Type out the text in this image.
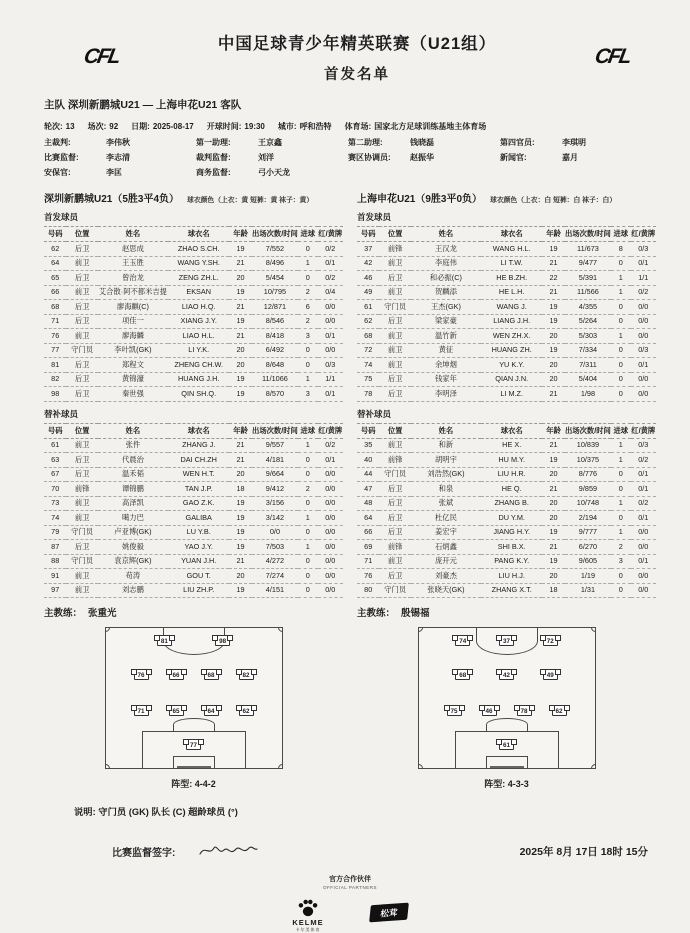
CFL
中国足球青少年精英联赛（U21组）
首发名单
CFL
主队 深圳新鹏城U21 — 上海申花U21 客队
轮次: 13 场次: 92 日期: 2025-08-17 开球时间: 19:30 城市: 呼和浩特 体育场: 国家北方足球训练基地主体育场
主裁判:	李伟秋	第一助理:	王京鑫	第二助理:	钱晓磊	第四官员:	李琪明
比赛监督:	李志清	裁判监督:	刘洋	赛区协调员:	赵振华	新闻官:	嘉月
安保官:	李匡	商务监督:	弓小天龙
深圳新鹏城U21（5胜3平4负） 球衣颜色（上衣：黄 短裤：黄 袜子：黄）
首发球员
号码	位置	姓名	球衣名	年龄	出场次数/时间	进球	红/黄牌
62	后卫	赵思成	ZHAO S.CH.	19	7/552	0	0/2
64	前卫	王玉胜	WANG Y.SH.	21	8/496	1	0/1
65	后卫	曾治龙	ZENG ZH.L.	20	5/454	0	0/2
66	前卫	艾合散·阿不都米吉提	EKSAN	19	10/795	2	0/4
68	后卫	廖海麒(C)	LIAO H.Q.	21	12/871	6	0/0
71	后卫	项佳一	XIANG J.Y.	19	8/546	2	0/0
76	前卫	廖海麟	LIAO H.L.	21	8/418	3	0/1
77	守门员	李叶凯(GK)	LI Y.K.	20	6/492	0	0/0
81	后卫	郑程文	ZHENG CH.W.	20	8/648	0	0/3
82	后卫	黄锦濠	HUANG J.H.	19	11/1066	1	1/1
98	后卫	秦世强	QIN SH.Q.	19	8/570	3	0/1
替补球员
号码	位置	姓名	球衣名	年龄	出场次数/时间	进球	红/黄牌
61	前卫	张件	ZHANG J.	21	9/557	1	0/2
63	后卫	代晨治	DAI CH.ZH	21	4/181	0	0/1
67	后卫	温禾韬	WEN H.T.	20	9/664	0	0/0
70	前锋	谭锦鹏	TAN J.P.	18	9/412	2	0/0
73	前卫	高泽凯	GAO Z.K.	19	3/156	0	0/0
74	前卫	噶力巴	GALIBA	19	3/142	1	0/0
79	守门员	卢亚博(GK)	LU Y.B.	19	0/0	0	0/0
87	后卫	姚俊毅	YAO J.Y.	19	7/503	1	0/0
88	守门员	袁京辉(GK)	YUAN J.H.	21	4/272	0	0/0
91	前卫	苟涛	GOU T.	20	7/274	0	0/0
97	前卫	刘志鹏	LIU ZH.P.	19	4/151	0	0/0
主教练： 张重光
81	98
76	66	68	82
71	65	64	62
77
阵型: 4-4-2
上海申花U21（9胜3平0负） 球衣颜色（上衣：白 短裤：白 袜子：白）
首发球员
号码	位置	姓名	球衣名	年龄	出场次数/时间	进球	红/黄牌
37	前锋	王汉龙	WANG H.L.	19	11/673	8	0/3
42	前卫	李庭伟	LI T.W.	21	9/477	0	0/1
46	后卫	和必振(C)	HE B.ZH.	22	5/391	1	1/1
49	前卫	贺麟添	HE L.H.	21	11/566	1	0/2
61	守门员	王杰(GK)	WANG J.	19	4/355	0	0/0
62	后卫	梁家豪	LIANG J.H.	19	5/264	0	0/0
68	前卫	温竹新	WEN ZH.X.	20	5/303	1	0/0
72	前卫	黄征	HUANG ZH.	19	7/334	0	0/3
74	前卫	余坤烟	YU K.Y.	20	7/311	0	0/1
75	后卫	钱家年	QIAN J.N.	20	5/404	0	0/0
78	后卫	李明泽	LI M.Z.	21	1/98	0	0/0
替补球员
号码	位置	姓名	球衣名	年龄	出场次数/时间	进球	红/黄牌
35	前卫	和新	HE X.	21	10/839	1	0/3
40	前锋	胡明宇	HU M.Y.	19	10/375	1	0/2
44	守门员	刘浩然(GK)	LIU H.R.	20	8/776	0	0/1
47	后卫	和泉	HE Q.	21	9/859	0	0/1
48	后卫	张斌	ZHANG B.	20	10/748	1	0/2
64	后卫	杜亿民	DU Y.M.	20	2/194	0	0/1
66	后卫	姜宏宇	JIANG H.Y.	19	9/777	1	0/0
69	前锋	石炳鑫	SHI B.X.	21	6/270	2	0/0
71	前卫	庞开元	PANG K.Y.	19	9/605	3	0/1
76	后卫	刘豪杰	LIU H.J.	20	1/19	0	0/0
80	守门员	张晓天(GK)	ZHANG X.T.	18	1/31	0	0/0
主教练： 殷锡福
74	37	72
68	42	49
75	46	78	62
61
阵型: 4-3-3
说明: 守门员 (GK) 队长 (C) 超龄球员 (°)
比赛监督签字:	2025年 8月 17日 18时 15分
官方合作伙伴
OFFICIAL PARTNERS
KELME
卡尔美体育
松茸
